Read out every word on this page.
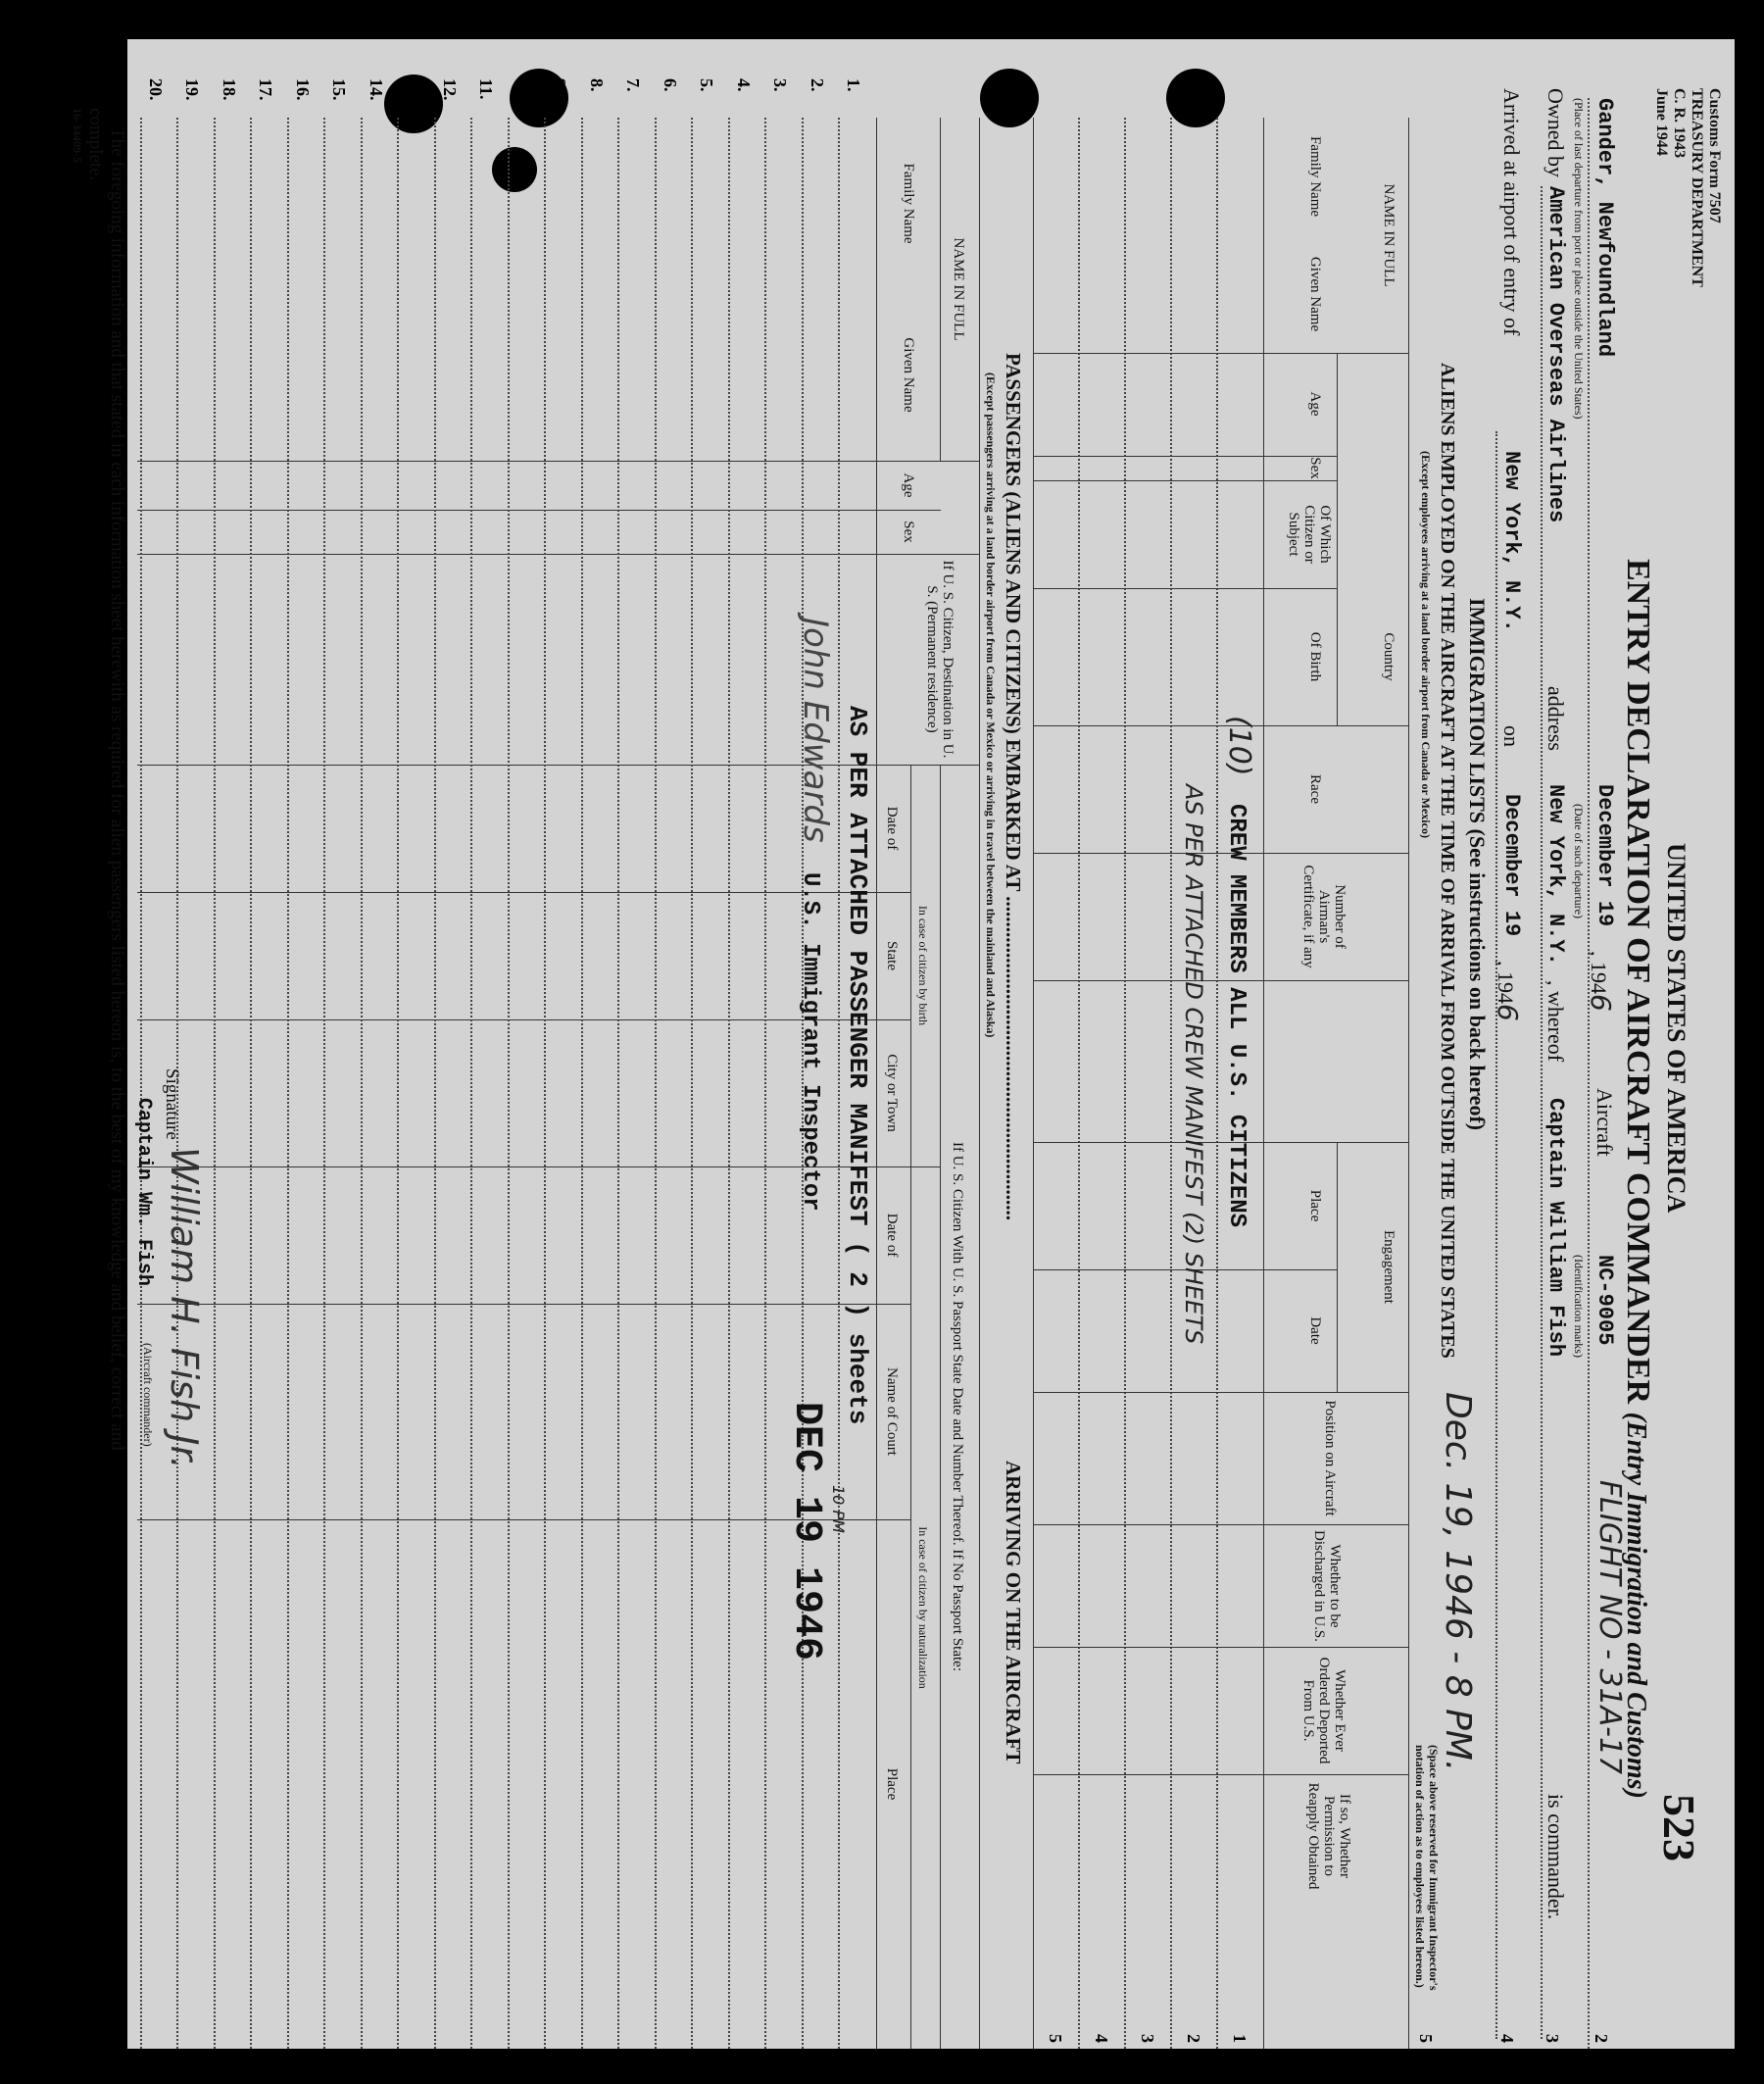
Customs Form 7507
TREASURY DEPARTMENT
C. R. 1943
June 1944
UNITED STATES OF AMERICA
ENTRY DECLARATION OF AIRCRAFT COMMANDER (Entry Immigration and Customs)
523
Gander, Newfoundland
December 19
, 1946
Aircraft
NC-9005
FLIGHT NO - 31A-17
2
(Place of last departure from port or place outside the United States)
(Date of such departure)
(Identification marks)
Owned by
American Overseas Airlines
address
New York, N.Y.
, whereof
Captain William Fish
is commander.
3
Arrived at airport of entry of
New York, N.Y.
on
December 19
, 1946
4
IMMIGRATION LISTS (See instructions on back hereof)
Dec. 19, 1946 - 8 PM.
ALIENS EMPLOYED ON THE AIRCRAFT AT THE TIME OF ARRIVAL FROM OUTSIDE THE UNITED STATES
(Except employees arriving at a land border airport from Canada or Mexico)
(Space above reserved for Immigrant Inspector's
notation of action as to employees listed hereon.)
5
NAME IN FULL
Family Name
Given Name
Age
Sex
Country
Of Which Citizen or Subject
Of Birth
Race
Number of Airman's Certificate, if any
Engagement
Place
Date
Position on Aircraft
Whether to be Discharged in U.S.
Whether Ever Ordered Deported From U.S.
If so, Whether Permission to Reapply Obtained
1
2
3
4
5
(10)
CREW MEMBERS ALL U.S. CITIZENS
AS PER ATTACHED CREW MANIFEST (2) SHEETS
PASSENGERS (ALIENS AND CITIZENS) EMBARKED AT ...............................................................
ARRIVING ON THE AIRCRAFT
(Except passengers arriving at a land border airport from Canada or Mexico or arriving in travel between the mainland and Alaska)
NAME IN FULL
Family Name
Given Name
Age
Sex
If U. S. Citizen, Destination in U. S. (Permanent residence)
If U. S. Citizen With U. S. Passport State Date and Number Thereof. If No Passport State:
In case of citizen by birth
In case of citizen by naturalization
Date of
State
City or Town
Date of
Name of Court
Place
1.
2.
3.
4.
5.
6.
7.
8.
9.
10.
11.
12.
13.
14.
15.
16.
17.
18.
19.
20.
AS PER ATTACHED PASSENGER MANIFEST ( 2 ) sheets
John Edwards
U.S. Immigrant Inspector
DEC 19 1946 10 PM
The foregoing information and that stated in each information sheet herewith as required for alien passengers listed hereon is, to the best of my knowledge and belief, correct and
complete.
Signature
William H. Fish Jr.
Captain Wm. Fish
(Aircraft commander)
16-34409-5
